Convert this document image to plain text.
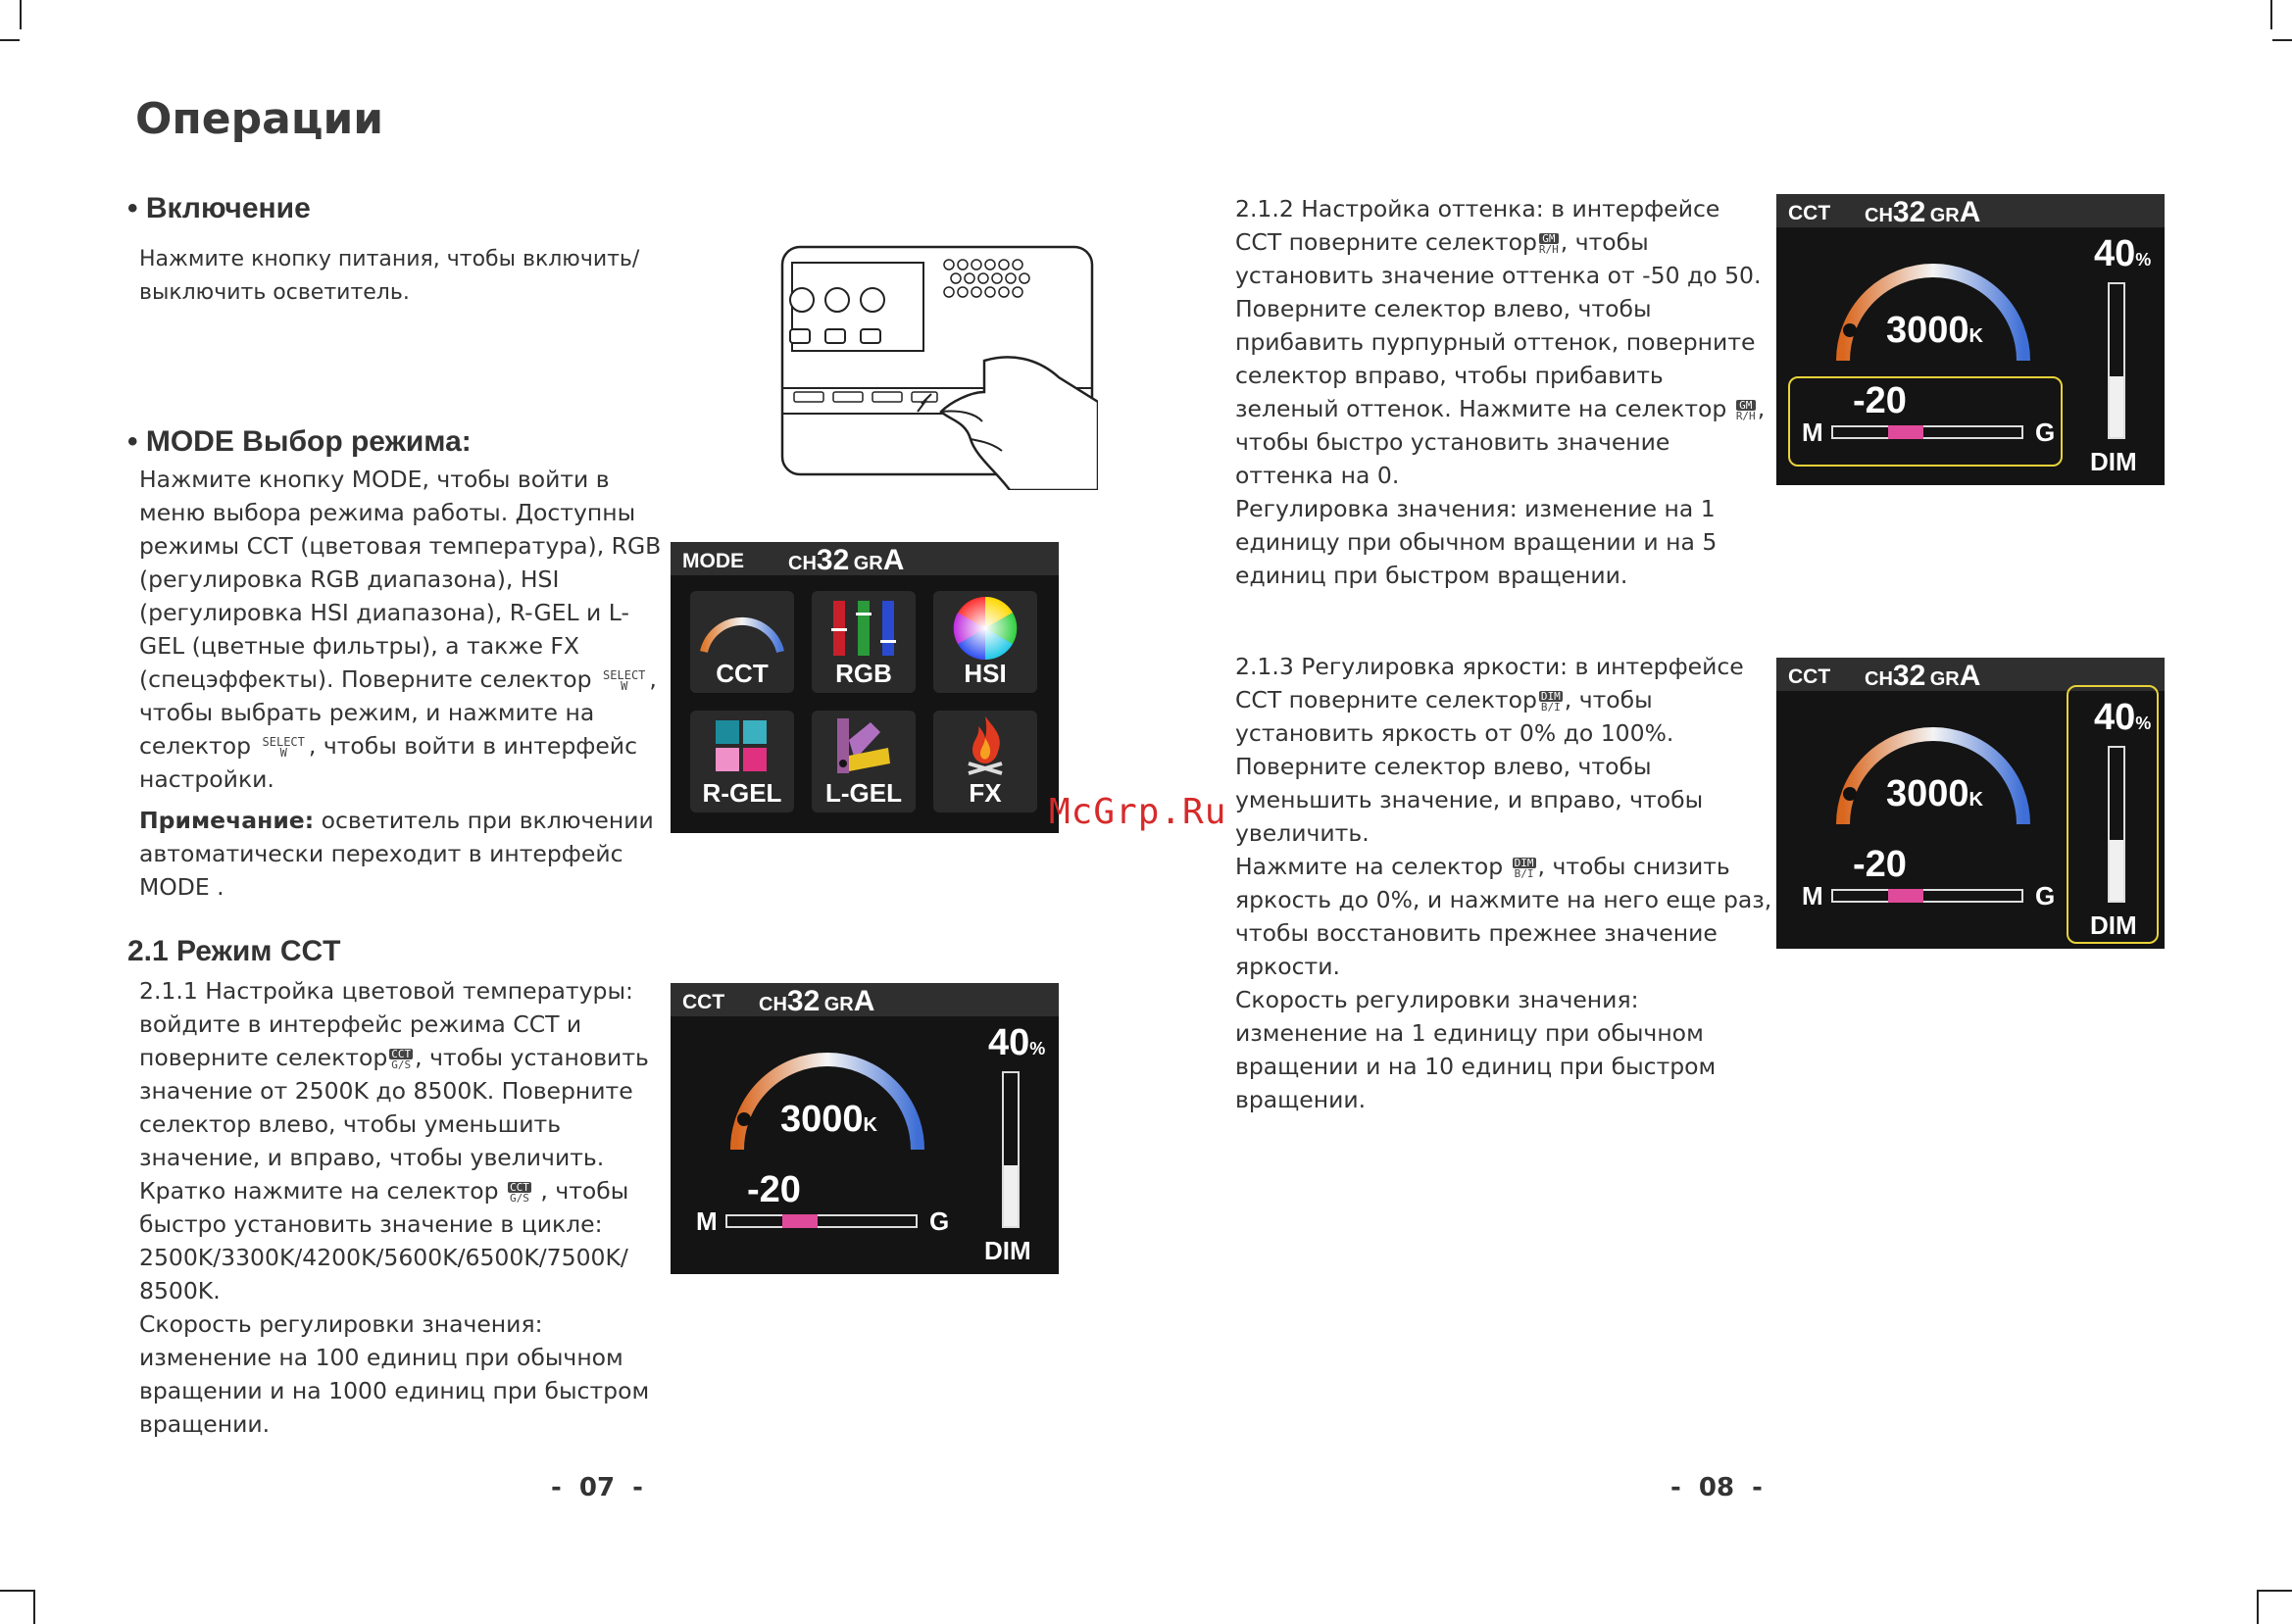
Операции
• Включение
Нажмите кнопку питания, чтобы включить/
выключить осветитель.
• MODE Выбор режима:
Нажмите кнопку MODE, чтобы войти в
меню выбора режима работы. Доступны
режимы CCT (цветовая температура), RGB
(регулировка RGB диапазона), HSI
(регулировка HSI диапазона), R-GEL и L-
GEL (цветные фильтры), а также FX
(спецэффекты). Поверните селектор SELECT
W ,
чтобы выбрать режим, и нажмите на
селектор SELECT
W , чтобы войти в интерфейс
настройки.
Примечание: осветитель при включении
автоматически переходит в интерфейс
MODE .
MODE CH32 GRA
CCT	RGB	HSI
R-GEL	L-GEL	FX	McGrp.Ru
2.1 Режим CCT
2.1.1 Настройка цветовой температуры:
войдите в интерфейс режима CCT и
поверните селектор CCT
G/S , чтобы установить
значение от 2500K до 8500K. Поверните
селектор влево, чтобы уменьшить
значение, и вправо, чтобы увеличить.
Кратко нажмите на селектор CCT
G/S , чтобы
быстро установить значение в цикле:
2500K/3300K/4200K/5600K/6500K/7500K/
8500K.
Скорость регулировки значения:
изменение на 100 единиц при обычном
вращении и на 1000 единиц при быстром
вращении.
CCT CH32 GRA
3000K
-20
M	G
40%
DIM
CCT CH32 GRA
3000K
-20
M	G
40%
DIM
CCT CH32 GRA
3000K
-20
M	G
40%
DIM
2.1.2 Настройка оттенка: в интерфейсе
CCT поверните селектор GM
R/H , чтобы
установить значение оттенка от -50 до 50.
Поверните селектор влево, чтобы
прибавить пурпурный оттенок, поверните
селектор вправо, чтобы прибавить
зеленый оттенок. Нажмите на селектор	GM
R/H ,
чтобы быстро установить значение
оттенка на 0.
Регулировка значения: изменение на 1
единицу при обычном вращении и на 5
единиц при быстром вращении.
2.1.3 Регулировка яркости: в интерфейсе
CCT поверните селектор DIM
B/I , чтобы
установить яркость от 0% до 100%.
Поверните селектор влево, чтобы
уменьшить значение, и вправо, чтобы
увеличить.
Нажмите на селектор DIM
B/I , чтобы снизить
яркость до 0%, и нажмите на него еще раз,
чтобы восстановить прежнее значение
яркости.
Скорость регулировки значения:
изменение на 1 единицу при обычном
вращении и на 10 единиц при быстром
вращении.
-  07  -	-  08  -
